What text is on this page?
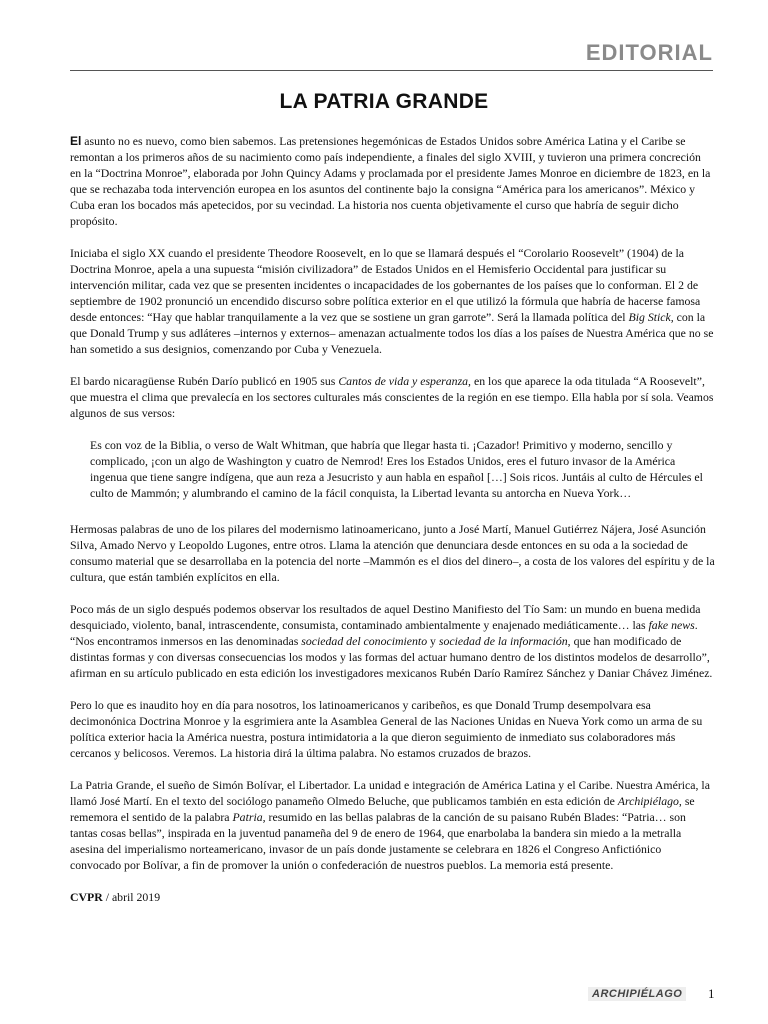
EDITORIAL
LA PATRIA GRANDE

El asunto no es nuevo, como bien sabemos. Las pretensiones hegemónicas de Estados Unidos sobre América Latina y el Caribe se remontan a los primeros años de su nacimiento como país independiente, a finales del siglo XVIII, y tuvieron una primera concreción en la “Doctrina Monroe”, elaborada por John Quincy Adams y proclamada por el presidente James Monroe en diciembre de 1823, en la que se rechazaba toda intervención europea en los asuntos del continente bajo la consigna “América para los americanos”. México y Cuba eran los bocados más apetecidos, por su vecindad. La historia nos cuenta objetivamente el curso que habría de seguir dicho propósito.

Iniciaba el siglo XX cuando el presidente Theodore Roosevelt, en lo que se llamará después el “Corolario Roosevelt” (1904) de la Doctrina Monroe, apela a una supuesta “misión civilizadora” de Estados Unidos en el Hemisferio Occidental para justificar su intervención militar, cada vez que se presenten incidentes o incapacidades de los gobernantes de los países que lo conforman. El 2 de septiembre de 1902 pronunció un encendido discurso sobre política exterior en el que utilizó la fórmula que habría de hacerse famosa desde entonces: “Hay que hablar tranquilamente a la vez que se sostiene un gran garrote”. Será la llamada política del Big Stick, con la que Donald Trump y sus adláteres –internos y externos– amenazan actualmente todos los días a los países de Nuestra América que no se han sometido a sus designios, comenzando por Cuba y Venezuela.

El bardo nicaragüense Rubén Darío publicó en 1905 sus Cantos de vida y esperanza, en los que aparece la oda titulada “A Roosevelt”, que muestra el clima que prevalecía en los sectores culturales más conscientes de la región en ese tiempo. Ella habla por sí sola. Veamos algunos de sus versos:

Es con voz de la Biblia, o verso de Walt Whitman, que habría que llegar hasta ti. ¡Cazador! Primitivo y moderno, sencillo y complicado, ¡con un algo de Washington y cuatro de Nemrod! Eres los Estados Unidos, eres el futuro invasor de la América ingenua que tiene sangre indígena, que aun reza a Jesucristo y aun habla en español […] Sois ricos. Juntáis al culto de Hércules el culto de Mammón; y alumbrando el camino de la fácil conquista, la Libertad levanta su antorcha en Nueva York…

Hermosas palabras de uno de los pilares del modernismo latinoamericano, junto a José Martí, Manuel Gutiérrez Nájera, José Asunción Silva, Amado Nervo y Leopoldo Lugones, entre otros. Llama la atención que denunciara desde entonces en su oda a la sociedad de consumo material que se desarrollaba en la potencia del norte –Mammón es el dios del dinero–, a costa de los valores del espíritu y de la cultura, que están también explícitos en ella.

Poco más de un siglo después podemos observar los resultados de aquel Destino Manifiesto del Tío Sam: un mundo en buena medida desquiciado, violento, banal, intrascendente, consumista, contaminado ambientalmente y enajenado mediáticamente… las fake news. “Nos encontramos inmersos en las denominadas sociedad del conocimiento y sociedad de la información, que han modificado de distintas formas y con diversas consecuencias los modos y las formas del actuar humano dentro de los distintos modelos de desarrollo”, afirman en su artículo publicado en esta edición los investigadores mexicanos Rubén Darío Ramírez Sánchez y Daniar Chávez Jiménez.

Pero lo que es inaudito hoy en día para nosotros, los latinoamericanos y caribeños, es que Donald Trump desempolvara esa decimonónica Doctrina Monroe y la esgrimiera ante la Asamblea General de las Naciones Unidas en Nueva York como un arma de su política exterior hacia la América nuestra, postura intimidatoria a la que dieron seguimiento de inmediato sus colaboradores más cercanos y belicosos. Veremos. La historia dirá la última palabra. No estamos cruzados de brazos.

La Patria Grande, el sueño de Simón Bolívar, el Libertador. La unidad e integración de América Latina y el Caribe. Nuestra América, la llamó José Martí. En el texto del sociólogo panameño Olmedo Beluche, que publicamos también en esta edición de Archipiélago, se rememora el sentido de la palabra Patria, resumido en las bellas palabras de la canción de su paisano Rubén Blades: “Patria… son tantas cosas bellas”, inspirada en la juventud panameña del 9 de enero de 1964, que enarbolaba la bandera sin miedo a la metralla asesina del imperialismo norteamericano, invasor de un país donde justamente se celebrara en 1826 el Congreso Anfictiónico convocado por Bolívar, a fin de promover la unión o confederación de nuestros pueblos. La memoria está presente.

CVPR / abril 2019

ARCHIPIÉLAGO	1
